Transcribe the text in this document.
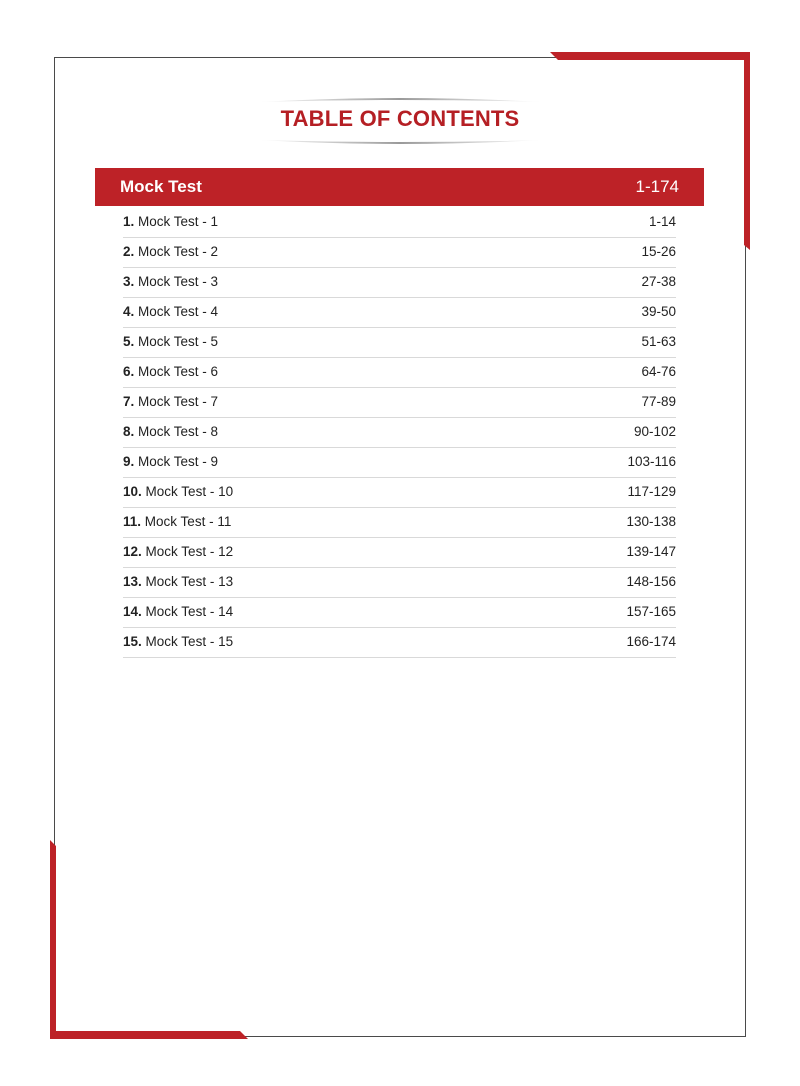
TABLE OF CONTENTS
Mock Test	1-174
1. Mock Test - 1	1-14
2. Mock Test - 2	15-26
3. Mock Test - 3	27-38
4. Mock Test - 4	39-50
5. Mock Test - 5	51-63
6. Mock Test - 6	64-76
7. Mock Test - 7	77-89
8. Mock Test - 8	90-102
9. Mock Test - 9	103-116
10. Mock Test - 10	117-129
11. Mock Test - 11	130-138
12. Mock Test - 12	139-147
13. Mock Test - 13	148-156
14. Mock Test - 14	157-165
15. Mock Test - 15	166-174
